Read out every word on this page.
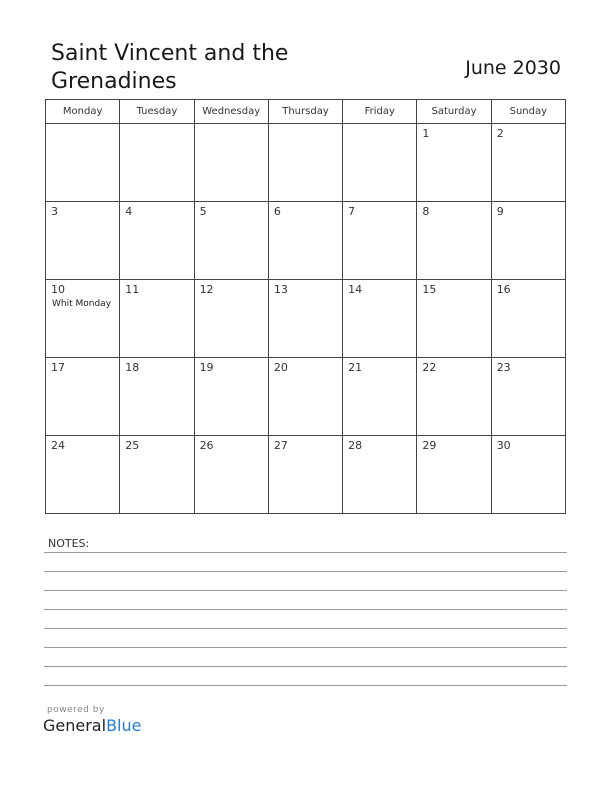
Saint Vincent and the
Grenadines
June 2030
Monday	Tuesday	Wednesday	Thursday	Friday	Saturday	Sunday

					1	2

3	4	5	6	7	8	9

10
Whit Monday	11	12	13	14	15	16

17	18	19	20	21	22	23

24	25	26	27	28	29	30
NOTES:
powered by
GeneralBlue
